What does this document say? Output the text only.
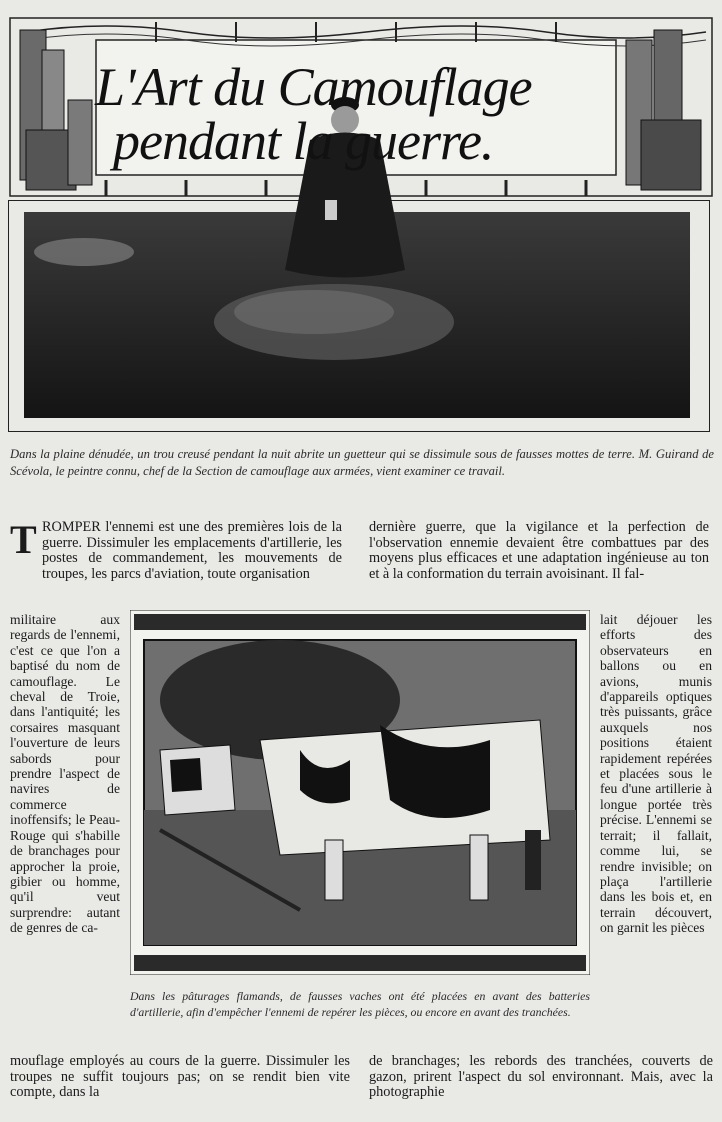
L'Art du Camouflage
pendant la guerre.
Dans la plaine dénudée, un trou creusé pendant la nuit abrite un guetteur qui se dissimule sous de fausses mottes de terre. M. Guirand de Scévola, le peintre connu, chef de la Section de camouflage aux armées, vient examiner ce travail.
T ROMPER l'ennemi est une des premières lois de la guerre. Dissimuler les emplacements d'artillerie, les postes de commandement, les mouvements de troupes, les parcs d'aviation, toute organisation
dernière guerre, que la vigilance et la perfection de l'observation ennemie devaient être combattues par des moyens plus efficaces et une adaptation ingénieuse au ton et à la conformation du terrain avoisinant. Il fal-
militaire aux regards de l'ennemi, c'est ce que l'on a baptisé du nom de camouflage. Le cheval de Troie, dans l'antiquité; les corsaires masquant l'ouverture de leurs sabords pour prendre l'aspect de navires de commerce inoffensifs; le Peau-Rouge qui s'habille de branchages pour approcher la proie, gibier ou homme, qu'il veut surprendre: autant de genres de ca-
lait déjouer les efforts des observateurs en ballons ou en avions, munis d'appareils optiques très puissants, grâce auxquels nos positions étaient rapidement repérées et placées sous le feu d'une artillerie à longue portée très précise. L'ennemi se terrait; il fallait, comme lui, se rendre invisible; on plaça l'artillerie dans les bois et, en terrain découvert, on garnit les pièces
Dans les pâturages flamands, de fausses vaches ont été placées en avant des batteries d'artillerie, afin d'empêcher l'ennemi de repérer les pièces, ou encore en avant des tranchées.
mouflage employés au cours de la guerre. Dissimuler les troupes ne suffit toujours pas; on se rendit bien vite compte, dans la
de branchages; les rebords des tranchées, couverts de gazon, prirent l'aspect du sol environnant. Mais, avec la photographie
